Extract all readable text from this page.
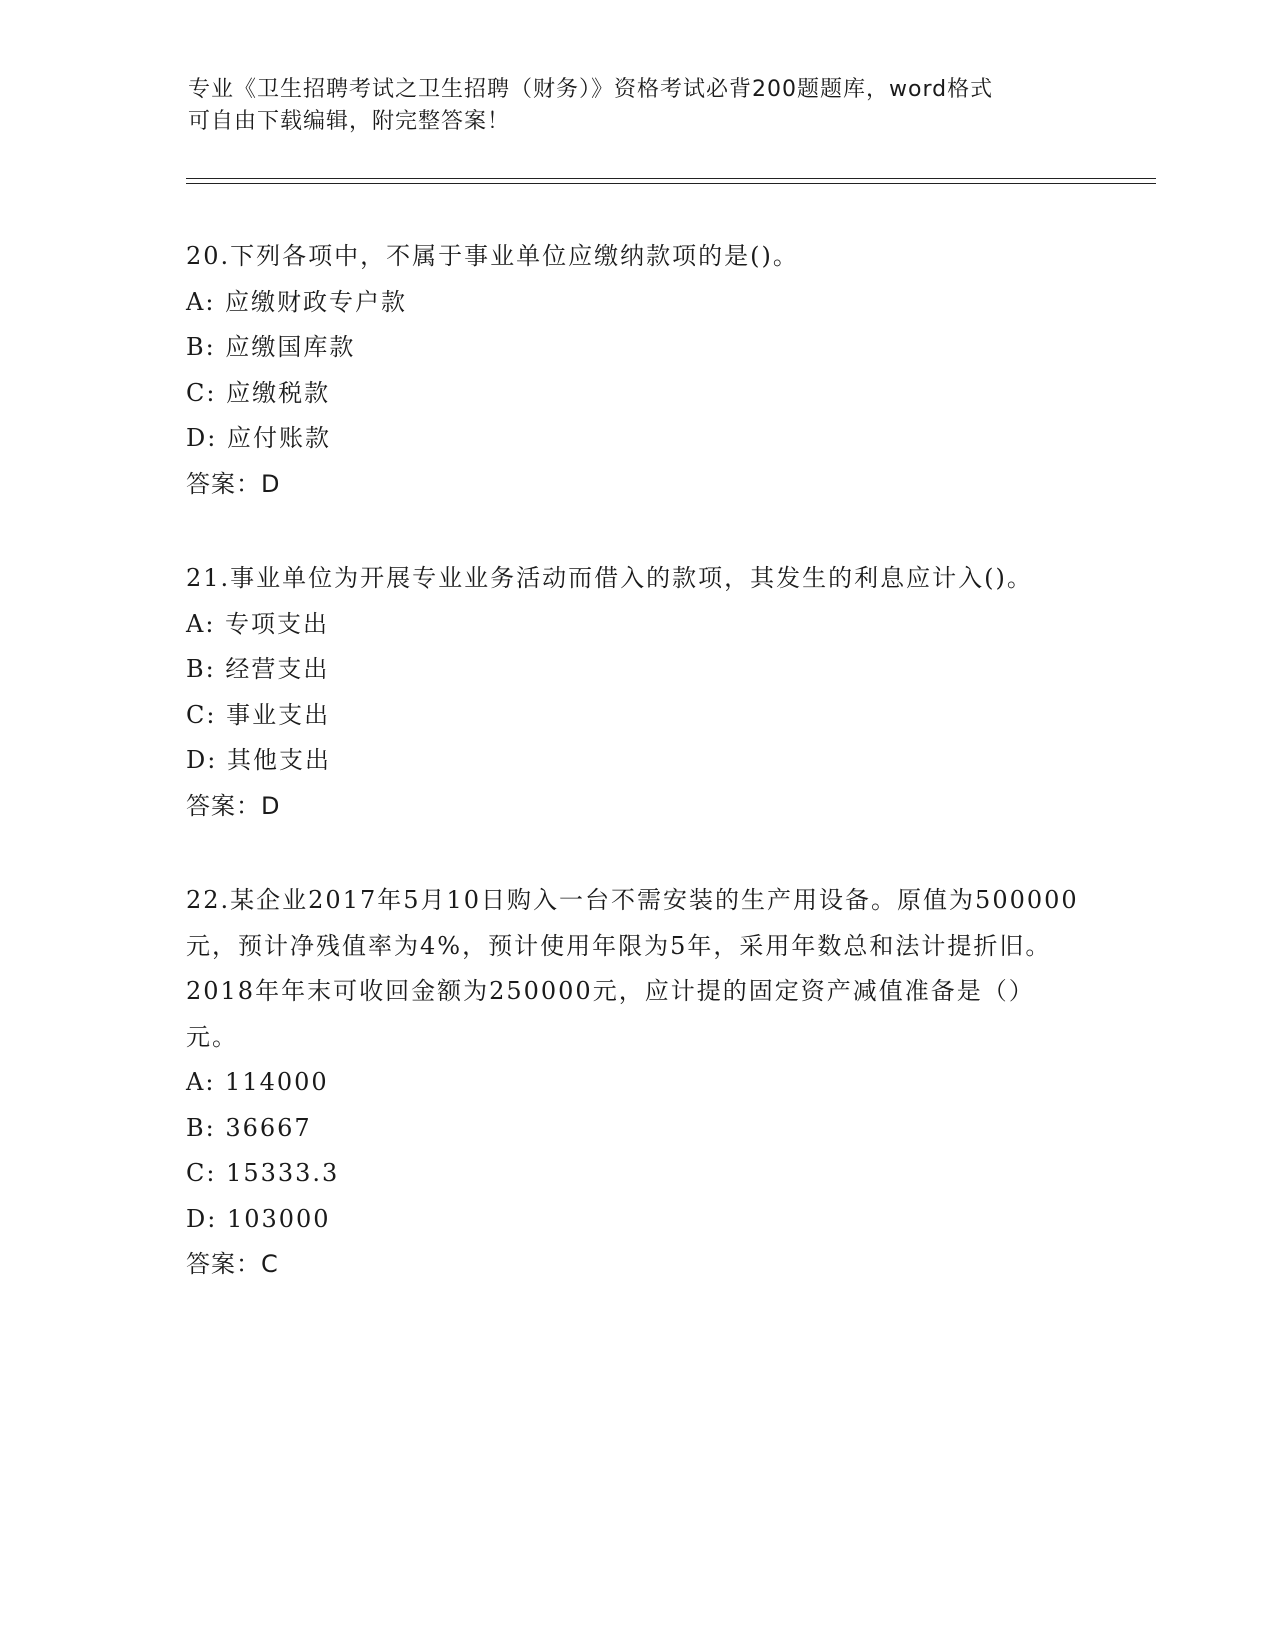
专业《卫生招聘考试之卫生招聘（财务）》资格考试必背200题题库，word格式
可自由下载编辑，附完整答案！
20.下列各项中，不属于事业单位应缴纳款项的是()。
A: 应缴财政专户款
B: 应缴国库款
C: 应缴税款
D: 应付账款
答案：D
21.事业单位为开展专业业务活动而借入的款项，其发生的利息应计入()。
A: 专项支出
B: 经营支出
C: 事业支出
D: 其他支出
答案：D
22.某企业2017年5月10日购入一台不需安装的生产用设备。原值为500000元，预计净残值率为4%，预计使用年限为5年，采用年数总和法计提折旧。2018年年末可收回金额为250000元，应计提的固定资产减值准备是（）元。
A: 114000
B: 36667
C: 15333.3
D: 103000
答案：C
